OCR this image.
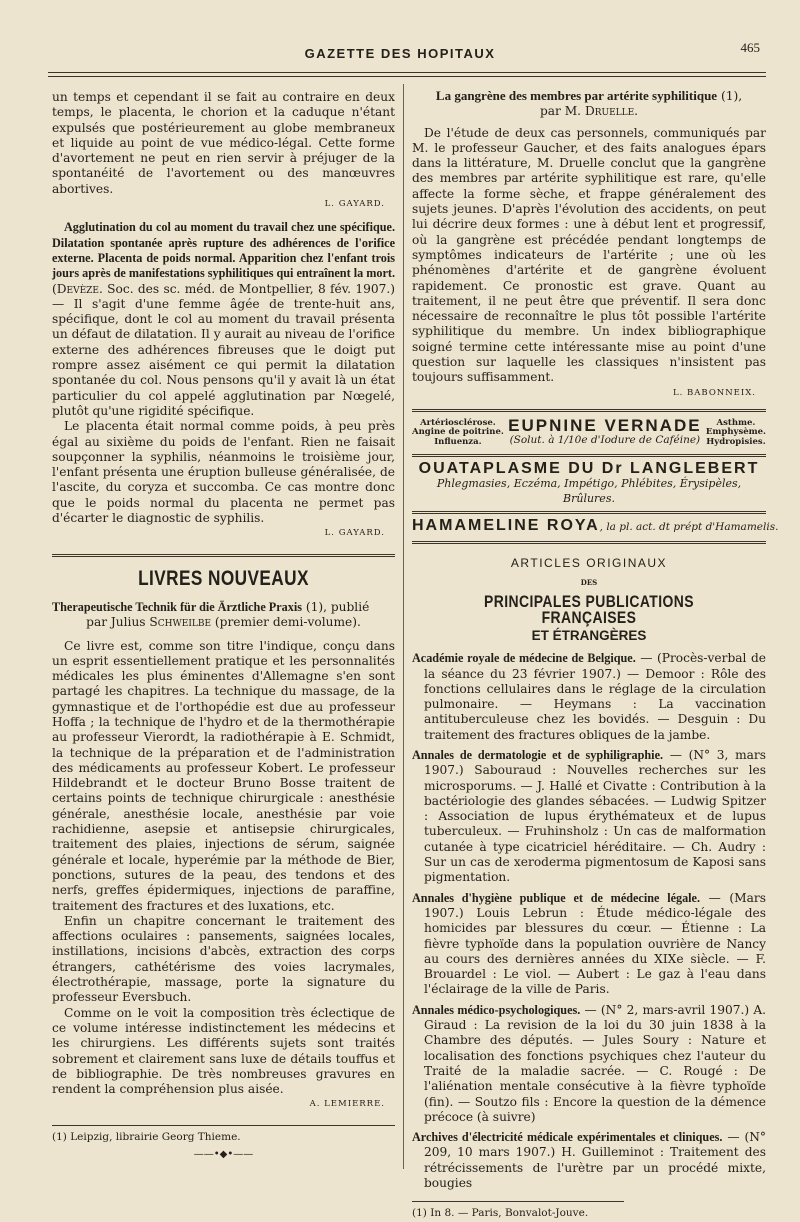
GAZETTE DES HOPITAUX	465

un temps et cependant il se fait au contraire en deux temps, le placenta, le chorion et la caduque n'étant expulsés que postérieurement au globe membraneux et liquide au point de vue médico-légal. Cette forme d'avortement ne peut en rien servir à préjuger de la spontanéité de l'avortement ou des manœuvres abortives.

L. GAYARD.

Agglutination du col au moment du travail chez une spécifique. Dilatation spontanée après rupture des adhérences de l'orifice externe. Placenta de poids normal. Apparition chez l'enfant trois jours après de manifestations syphilitiques qui entraînent la mort. (Devèze. Soc. des sc. méd. de Montpellier, 8 fév. 1907.) — Il s'agit d'une femme âgée de trente-huit ans, spécifique, dont le col au moment du travail présenta un défaut de dilatation. Il y aurait au niveau de l'orifice externe des adhérences fibreuses que le doigt put rompre assez aisément ce qui permit la dilatation spontanée du col. Nous pensons qu'il y avait là un état particulier du col appelé agglutination par Nœgelé, plutôt qu'une rigidité spécifique.

Le placenta était normal comme poids, à peu près égal au sixième du poids de l'enfant. Rien ne faisait soupçonner la syphilis, néanmoins le troisième jour, l'enfant présenta une éruption bulleuse généralisée, de l'ascite, du coryza et succomba. Ce cas montre donc que le poids normal du placenta ne permet pas d'écarter le diagnostic de syphilis.

L. GAYARD.

LIVRES NOUVEAUX

Therapeutische Technik für die Ärztliche Praxis (1), publié

par Julius Schweilbe (premier demi-volume).

Ce livre est, comme son titre l'indique, conçu dans un esprit essentiellement pratique et les personnalités médicales les plus éminentes d'Allemagne s'en sont partagé les chapitres. La technique du massage, de la gymnastique et de l'orthopédie est due au professeur Hoffa ; la technique de l'hydro et de la thermothérapie au professeur Vierordt, la radiothérapie à E. Schmidt, la technique de la préparation et de l'administration des médicaments au professeur Kobert. Le professeur Hildebrandt et le docteur Bruno Bosse traitent de certains points de technique chirurgicale : anesthésie générale, anesthésie locale, anesthésie par voie rachidienne, asepsie et antisepsie chirurgicales, traitement des plaies, injections de sérum, saignée générale et locale, hyperémie par la méthode de Bier, ponctions, sutures de la peau, des tendons et des nerfs, greffes épidermiques, injections de paraffine, traitement des fractures et des luxations, etc.

Enfin un chapitre concernant le traitement des affections oculaires : pansements, saignées locales, instillations, incisions d'abcès, extraction des corps étrangers, cathétérisme des voies lacrymales, électrothérapie, massage, porte la signature du professeur Eversbuch.

Comme on le voit la composition très éclectique de ce volume intéresse indistinctement les médecins et les chirurgiens. Les différents sujets sont traités sobrement et clairement sans luxe de détails touffus et de bibliographie. De très nombreuses gravures en rendent la compréhension plus aisée.

A. LEMIERRE.

(1) Leipzig, librairie Georg Thieme.

——•◆•——

La gangrène des membres par artérite syphilitique (1),

par M. Druelle.

De l'étude de deux cas personnels, communiqués par M. le professeur Gaucher, et des faits analogues épars dans la littérature, M. Druelle conclut que la gangrène des membres par artérite syphilitique est rare, qu'elle affecte la forme sèche, et frappe généralement des sujets jeunes. D'après l'évolution des accidents, on peut lui décrire deux formes : une à début lent et progressif, où la gangrène est précédée pendant longtemps de symptômes indicateurs de l'artérite ; une où les phénomènes d'artérite et de gangrène évoluent rapidement. Ce pronostic est grave. Quant au traitement, il ne peut être que préventif. Il sera donc nécessaire de reconnaître le plus tôt possible l'artérite syphilitique du membre. Un index bibliographique soigné termine cette intéressante mise au point d'une question sur laquelle les classiques n'insistent pas toujours suffisamment.

L. BABONNEIX.

Artériosclérose.
Angine de poitrine.
Influenza.
EUPNINE VERNADE
(Solut. à 1/10e d'Iodure de Caféine)
Asthme.
Emphysème.
Hydropisies.
OUATAPLASME DU Dr LANGLEBERT
Phlegmasies, Eczéma, Impétigo, Phlébites, Érysipèles, Brûlures.
HAMAMELINE ROYA, la pl. act. dt prépt d'Hamamelis.
ARTICLES ORIGINAUX
DES
PRINCIPALES PUBLICATIONS FRANÇAISES
ET ÉTRANGÈRES

Académie royale de médecine de Belgique. — (Procès-verbal de la séance du 23 février 1907.) — Demoor : Rôle des fonctions cellulaires dans le réglage de la circulation pulmonaire. — Heymans : La vaccination antituberculeuse chez les bovidés. — Desguin : Du traitement des fractures obliques de la jambe.

Annales de dermatologie et de syphiligraphie. — (N° 3, mars 1907.) Sabouraud : Nouvelles recherches sur les microsporums. — J. Hallé et Civatte : Contribution à la bactériologie des glandes sébacées. — Ludwig Spitzer : Association de lupus érythémateux et de lupus tuberculeux. — Fruhinsholz : Un cas de malformation cutanée à type cicatriciel héréditaire. — Ch. Audry : Sur un cas de xeroderma pigmentosum de Kaposi sans pigmentation.

Annales d'hygiène publique et de médecine légale. — (Mars 1907.) Louis Lebrun : Étude médico-légale des homicides par blessures du cœur. — Étienne : La fièvre typhoïde dans la population ouvrière de Nancy au cours des dernières années du XIXe siècle. — F. Brouardel : Le viol. — Aubert : Le gaz à l'eau dans l'éclairage de la ville de Paris.

Annales médico-psychologiques. — (N° 2, mars-avril 1907.) A. Giraud : La revision de la loi du 30 juin 1838 à la Chambre des députés. — Jules Soury : Nature et localisation des fonctions psychiques chez l'auteur du Traité de la maladie sacrée. — C. Rougé : De l'aliénation mentale consécutive à la fièvre typhoïde (fin). — Soutzo fils : Encore la question de la démence précoce (à suivre)

Archives d'électricité médicale expérimentales et cliniques. — (N° 209, 10 mars 1907.) H. Guilleminot : Traitement des rétrécissements de l'urètre par un procédé mixte, bougies

(1) In 8. — Paris, Bonvalot-Jouve.
